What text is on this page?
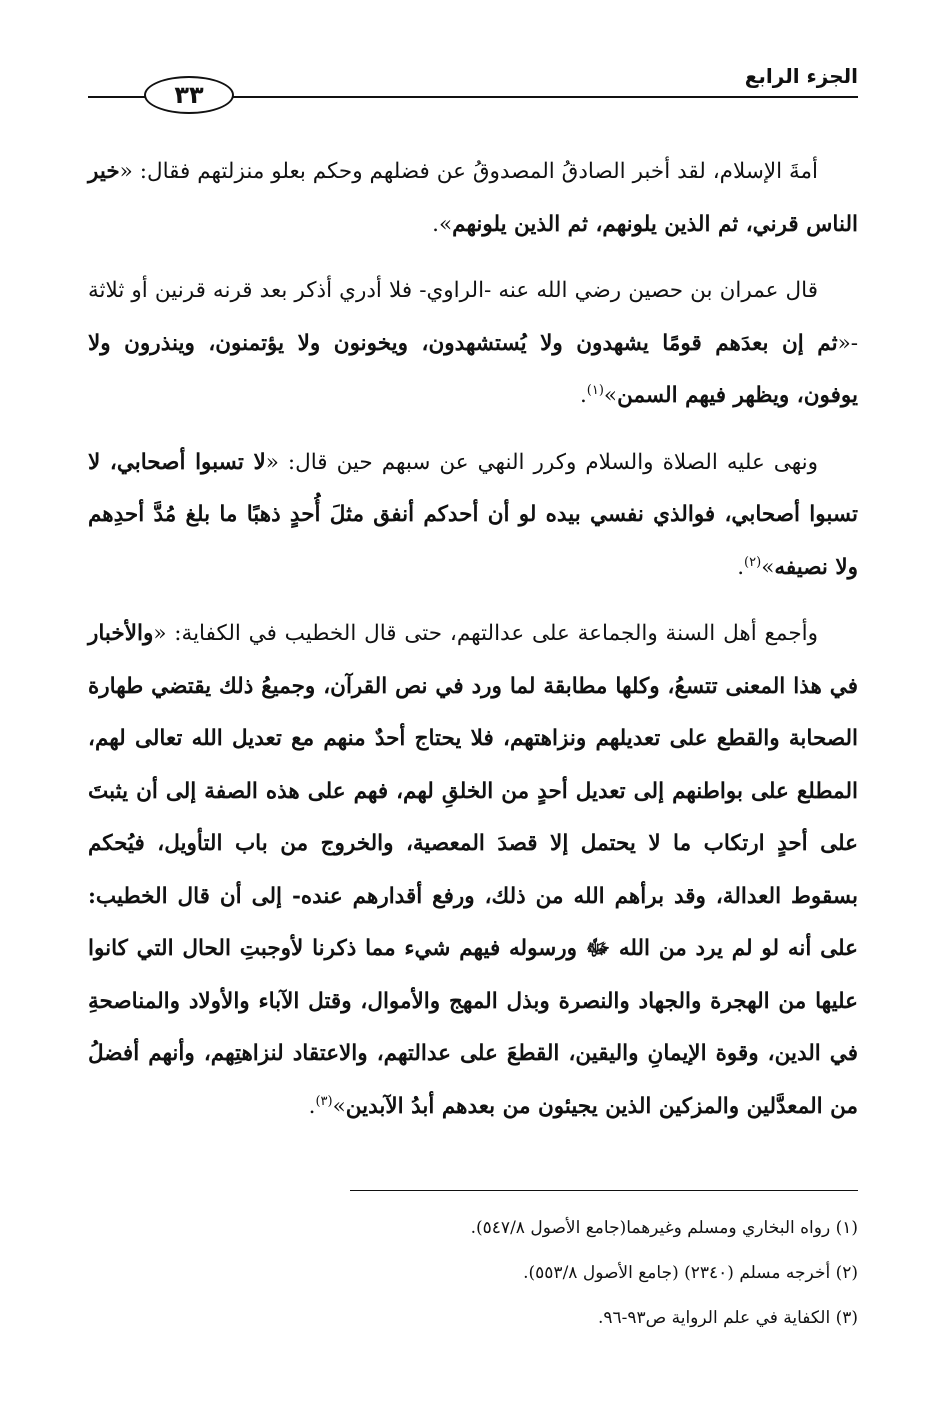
الجزء الرابع
٣٣

أمةَ الإسلام، لقد أخبر الصادقُ المصدوقُ عن فضلهم وحكم بعلو منزلتهم فقال: «خير الناس قرني، ثم الذين يلونهم، ثم الذين يلونهم».

قال عمران بن حصين رضي الله عنه -الراوي- فلا أدري أذكر بعد قرنه قرنين أو ثلاثة -«ثم إن بعدَهم قومًا يشهدون ولا يُستشهدون، ويخونون ولا يؤتمنون، وينذرون ولا يوفون، ويظهر فيهم السمن»$^{(١)}$.

ونهى عليه الصلاة والسلام وكرر النهي عن سبهم حين قال: «لا تسبوا أصحابي، لا تسبوا أصحابي، فوالذي نفسي بيده لو أن أحدكم أنفق مثلَ أُحدٍ ذهبًا ما بلغ مُدَّ أحدِهم ولا نصيفه»$^{(٢)}$.

وأجمع أهل السنة والجماعة على عدالتهم، حتى قال الخطيب في الكفاية: «والأخبار في هذا المعنى تتسعُ، وكلها مطابقة لما ورد في نص القرآن، وجميعُ ذلك يقتضي طهارة الصحابة والقطع على تعديلهم ونزاهتهم، فلا يحتاج أحدٌ منهم مع تعديل الله تعالى لهم، المطلع على بواطنهم إلى تعديل أحدٍ من الخلقِ لهم، فهم على هذه الصفة إلى أن يثبتَ على أحدٍ ارتكاب ما لا يحتمل إلا قصدَ المعصية، والخروج من باب التأويل، فيُحكم بسقوط العدالة، وقد برأهم الله من ذلك، ورفع أقدارهم عنده- إلى أن قال الخطيب: على أنه لو لم يرد من الله ﷻ ورسوله فيهم شيء مما ذكرنا لأوجبتِ الحال التي كانوا عليها من الهجرة والجهاد والنصرة وبذل المهج والأموال، وقتل الآباء والأولاد والمناصحةِ في الدين، وقوة الإيمانِ واليقين، القطعَ على عدالتهم، والاعتقاد لنزاهتِهم، وأنهم أفضلُ من المعدَّلين والمزكين الذين يجيئون من بعدهم أبدُ الآبدين»$^{(٣)}$.

(١) رواه البخاري ومسلم وغيرهما(جامع الأصول ٥٤٧/٨).
(٢) أخرجه مسلم (٢٣٤٠) (جامع الأصول ٥٥٣/٨).
(٣) الكفاية في علم الرواية ص٩٣-٩٦.
